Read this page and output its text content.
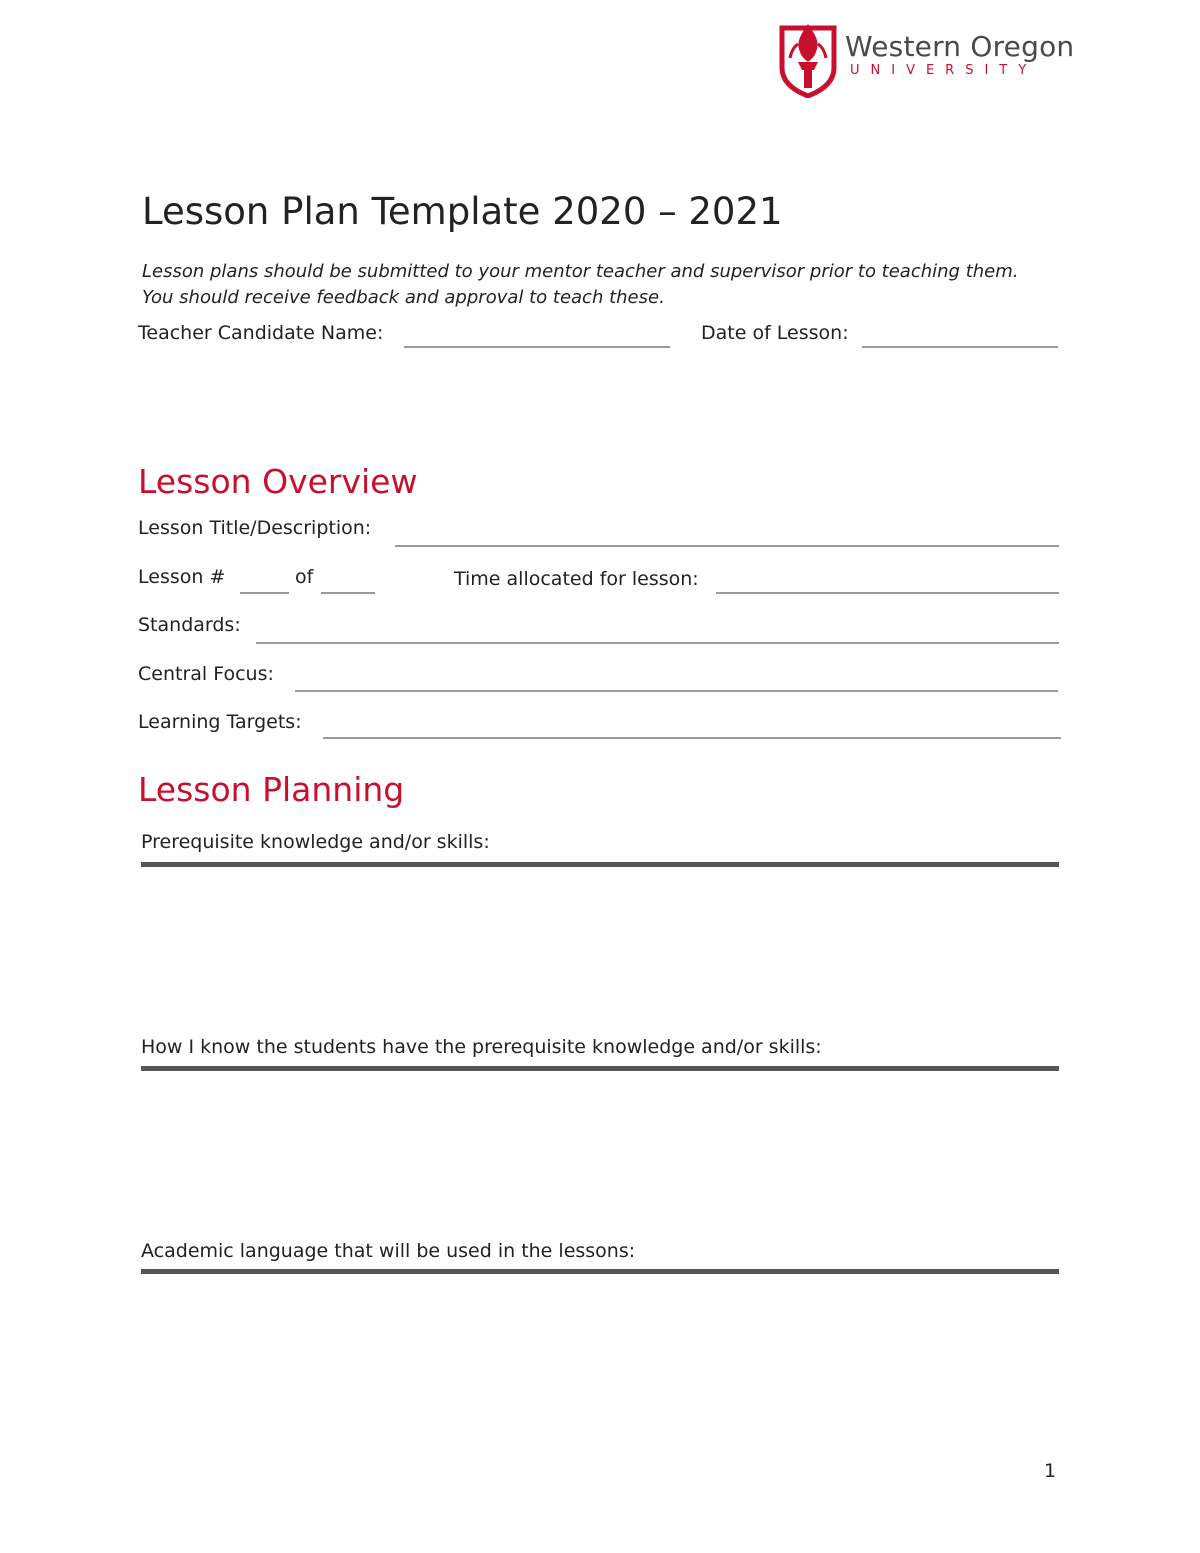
Western Oregon
UNIVERSITY
Lesson Plan Template 2020 – 2021
Lesson plans should be submitted to your mentor teacher and supervisor prior to teaching them. You should receive feedback and approval to teach these.
Teacher Candidate Name:	Date of Lesson:
Lesson Overview
Lesson Title/Description:
Lesson #	of	Time allocated for lesson:
Standards:
Central Focus:
Learning Targets:
Lesson Planning
Prerequisite knowledge and/or skills:
How I know the students have the prerequisite knowledge and/or skills:
Academic language that will be used in the lessons:
1
